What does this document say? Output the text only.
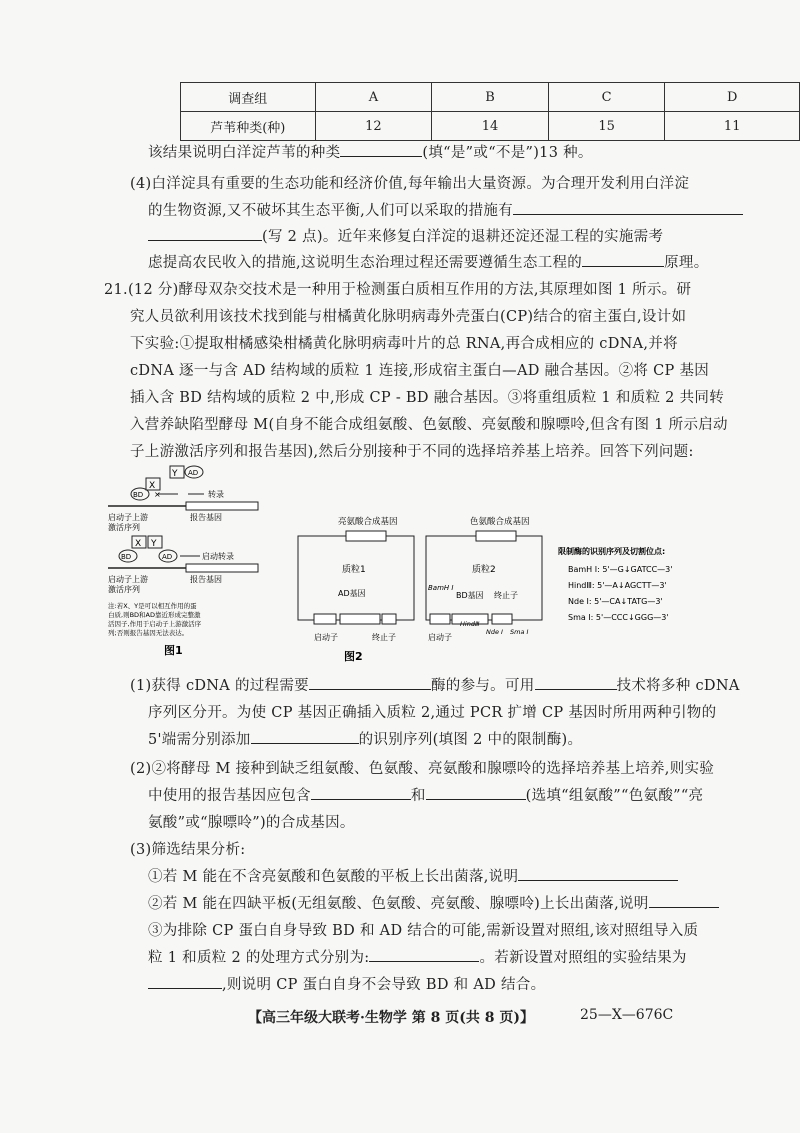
调查组	A	B	C	D
芦苇种类(种)	12	14	15	11
该结果说明白洋淀芦苇的种类	(填“是”或“不是”)13 种。
(4)白洋淀具有重要的生态功能和经济价值,每年输出大量资源。为合理开发利用白洋淀
的生物资源,又不破坏其生态平衡,人们可以采取的措施有
(写 2 点)。近年来修复白洋淀的退耕还淀还湿工程的实施需考
虑提高农民收入的措施,这说明生态治理过程还需要遵循生态工程的	原理。
21.(12 分)酵母双杂交技术是一种用于检测蛋白质相互作用的方法,其原理如图 1 所示。研
究人员欲利用该技术找到能与柑橘黄化脉明病毒外壳蛋白(CP)结合的宿主蛋白,设计如
下实验:①提取柑橘感染柑橘黄化脉明病毒叶片的总 RNA,再合成相应的 cDNA,并将
cDNA 逐一与含 AD 结构域的质粒 1 连接,形成宿主蛋白—AD 融合基因。②将 CP 基因
插入含 BD 结构域的质粒 2 中,形成 CP - BD 融合基因。③将重组质粒 1 和质粒 2 共同转
入营养缺陷型酵母 M(自身不能合成组氨酸、色氨酸、亮氨酸和腺嘌呤,但含有图 1 所示启动
子上游激活序列和报告基因),然后分别接种于不同的选择培养基上培养。回答下列问题:
Y AD
X
BD ×	转录
启动子上游
激活序列
报告基因
X Y
BD	AD	启动转录
启动子上游
激活序列
报告基因
注:若X、Y是可以相互作用的蛋
白质,则BD和AD靠近形成完整激
活因子,作用于启动子上游激活序
列;否则报告基因无法表达。
图1
亮氨酸合成基因
质粒1
AD基因
启动子	终止子
色氨酸合成基因
质粒2
BamH I
BD基因 终止子
启动子
HindⅢ
Nde I Sma I
限制酶的识别序列及切割位点:
BamH I: 5'—G↓GATCC—3'
HindⅢ: 5'—A↓AGCTT—3'
Nde I: 5'—CA↓TATG—3'
Sma I: 5'—CCC↓GGG—3'
图2
(1)获得 cDNA 的过程需要	酶的参与。可用	技术将多种 cDNA
序列区分开。为使 CP 基因正确插入质粒 2,通过 PCR 扩增 CP 基因时所用两种引物的
5'端需分别添加	的识别序列(填图 2 中的限制酶)。
(2)②将酵母 M 接种到缺乏组氨酸、色氨酸、亮氨酸和腺嘌呤的选择培养基上培养,则实验
中使用的报告基因应包含	和	(选填“组氨酸”“色氨酸”“亮
氨酸”或“腺嘌呤”)的合成基因。
(3)筛选结果分析:
①若 M 能在不含亮氨酸和色氨酸的平板上长出菌落,说明
②若 M 能在四缺平板(无组氨酸、色氨酸、亮氨酸、腺嘌呤)上长出菌落,说明
③为排除 CP 蛋白自身导致 BD 和 AD 结合的可能,需新设置对照组,该对照组导入质
粒 1 和质粒 2 的处理方式分别为:	。若新设置对照组的实验结果为
,则说明 CP 蛋白自身不会导致 BD 和 AD 结合。
【高三年级大联考·生物学 第 8 页(共 8 页)】	25—X—676C
